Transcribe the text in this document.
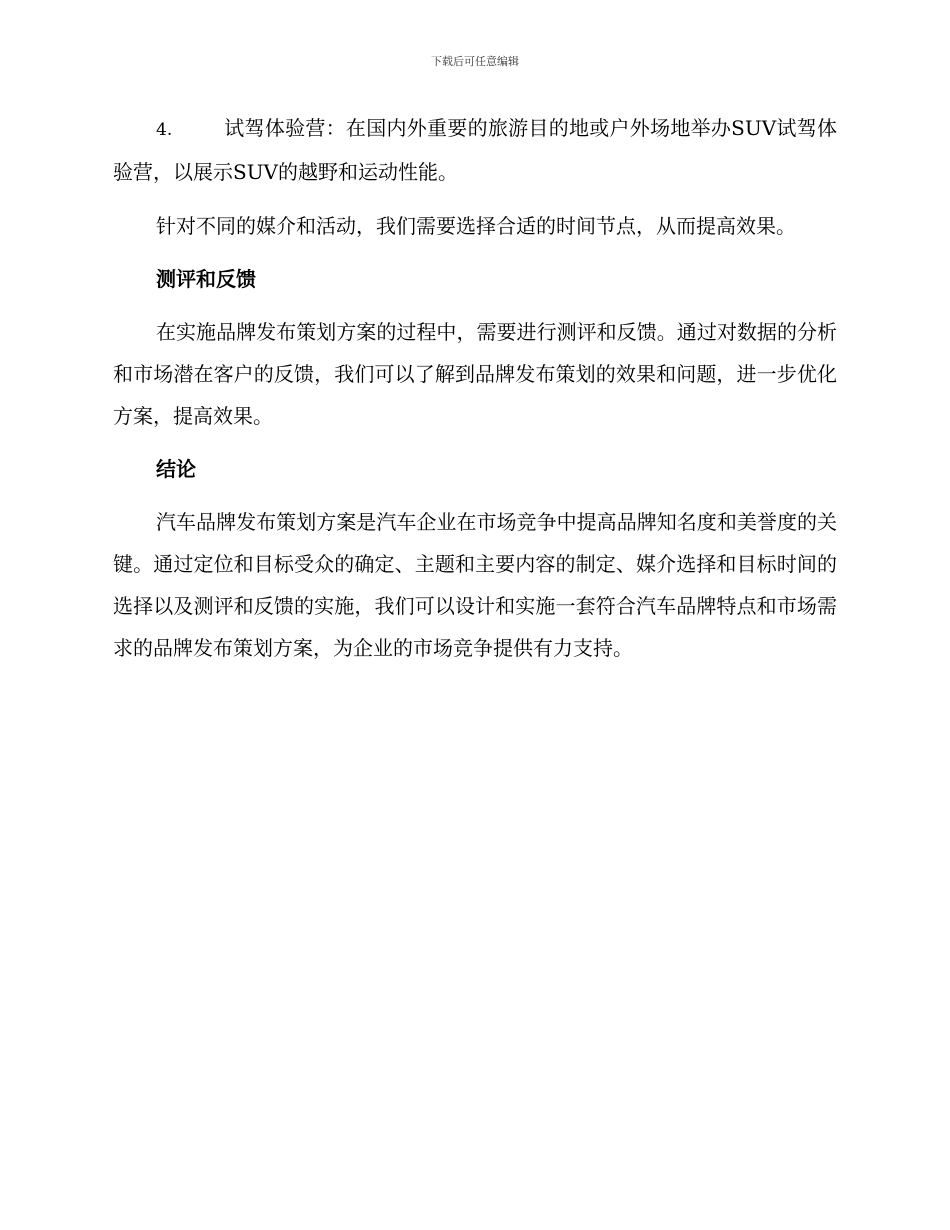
下载后可任意编辑

4.	试驾体验营：在国内外重要的旅游目的地或户外场地举办SUV试驾体验营，以展示SUV的越野和运动性能。

针对不同的媒介和活动，我们需要选择合适的时间节点，从而提高效果。

测评和反馈

在实施品牌发布策划方案的过程中，需要进行测评和反馈。通过对数据的分析和市场潜在客户的反馈，我们可以了解到品牌发布策划的效果和问题，进一步优化方案，提高效果。

结论

汽车品牌发布策划方案是汽车企业在市场竞争中提高品牌知名度和美誉度的关键。通过定位和目标受众的确定、主题和主要内容的制定、媒介选择和目标时间的选择以及测评和反馈的实施，我们可以设计和实施一套符合汽车品牌特点和市场需求的品牌发布策划方案，为企业的市场竞争提供有力支持。
